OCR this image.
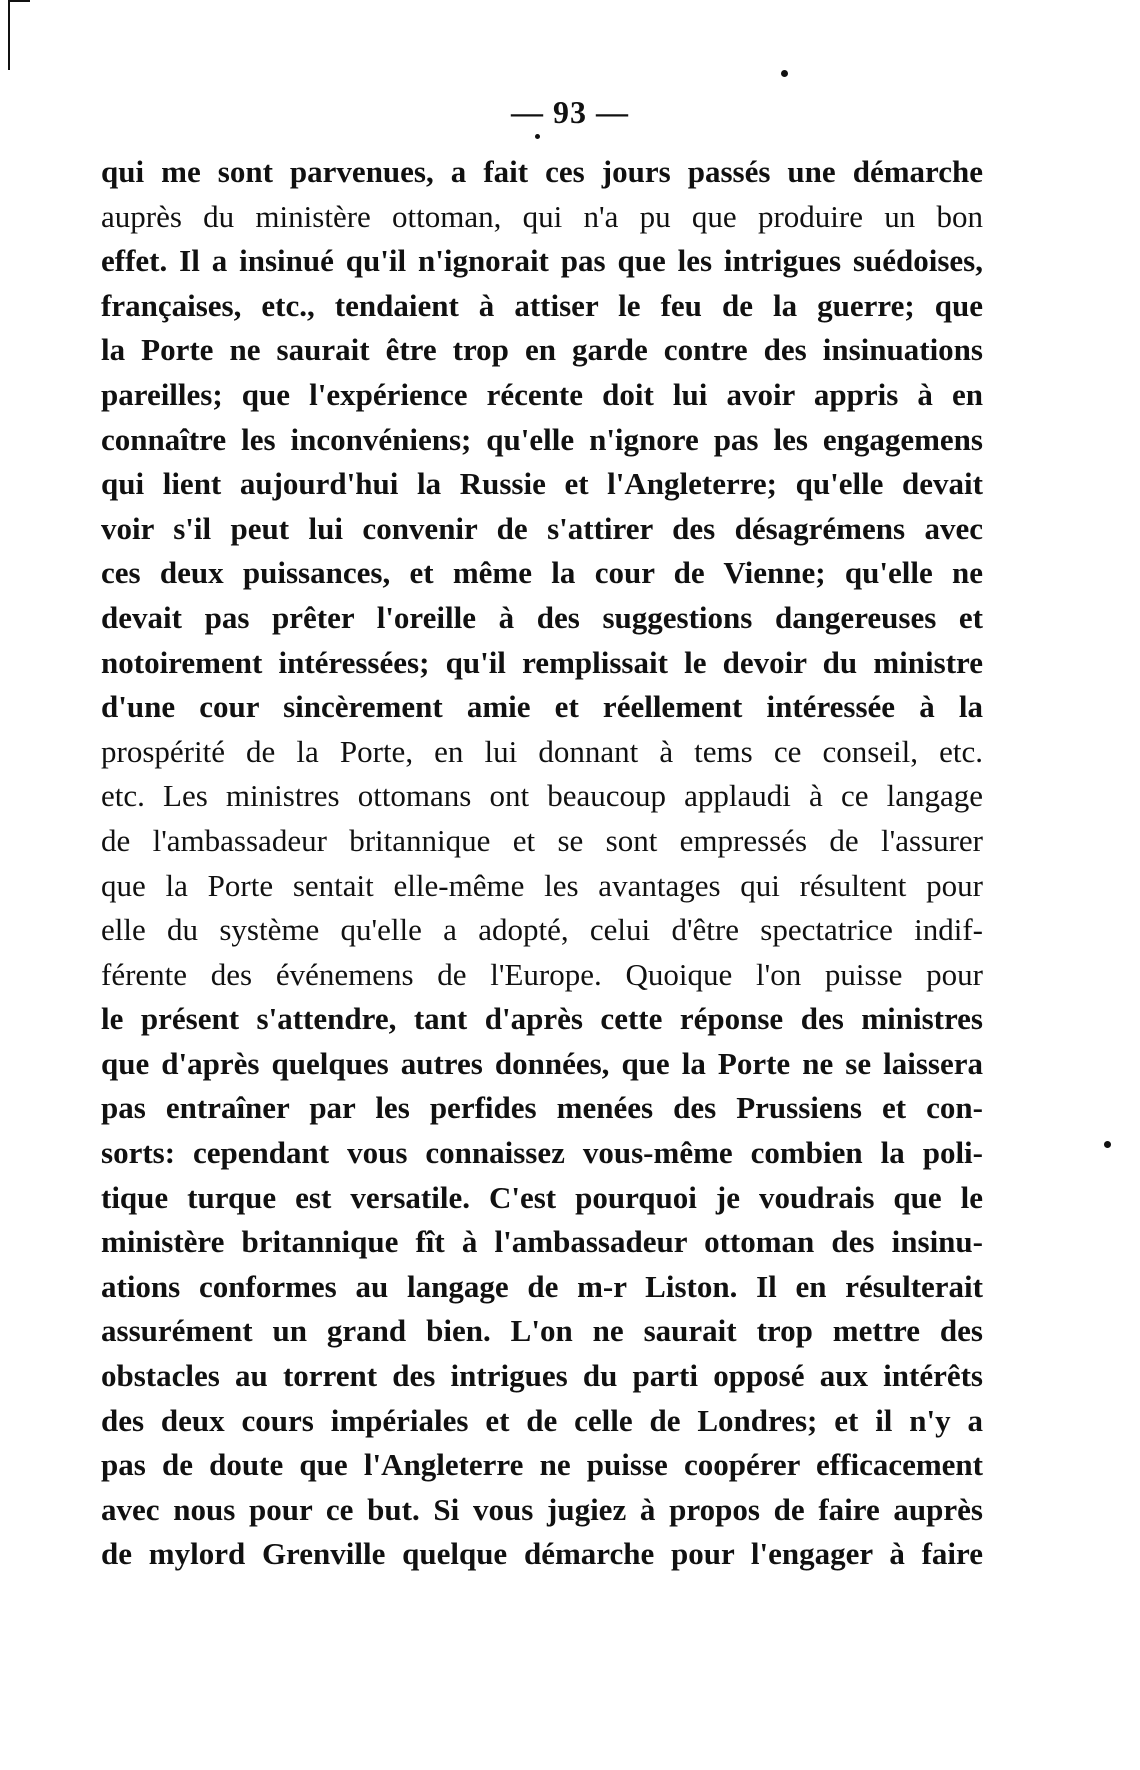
— 93 —
qui me sont parvenues, a fait ces jours passés une démarche
auprès du ministère ottoman, qui n'a pu que produire un bon
effet. Il a insinué qu'il n'ignorait pas que les intrigues suédoises,
françaises, etc., tendaient à attiser le feu de la guerre; que
la Porte ne saurait être trop en garde contre des insinuations
pareilles; que l'expérience récente doit lui avoir appris à en
connaître les inconvéniens; qu'elle n'ignore pas les engagemens
qui lient aujourd'hui la Russie et l'Angleterre; qu'elle devait
voir s'il peut lui convenir de s'attirer des désagrémens avec
ces deux puissances, et même la cour de Vienne; qu'elle ne
devait pas prêter l'oreille à des suggestions dangereuses et
notoirement intéressées; qu'il remplissait le devoir du ministre
d'une cour sincèrement amie et réellement intéressée à la
prospérité de la Porte, en lui donnant à tems ce conseil, etc.
etc. Les ministres ottomans ont beaucoup applaudi à ce langage
de l'ambassadeur britannique et se sont empressés de l'assurer
que la Porte sentait elle-même les avantages qui résultent pour
elle du système qu'elle a adopté, celui d'être spectatrice indif-
férente des événemens de l'Europe. Quoique l'on puisse pour
le présent s'attendre, tant d'après cette réponse des ministres
que d'après quelques autres données, que la Porte ne se laissera
pas entraîner par les perfides menées des Prussiens et con-
sorts: cependant vous connaissez vous-même combien la poli-
tique turque est versatile. C'est pourquoi je voudrais que le
ministère britannique fît à l'ambassadeur ottoman des insinu-
ations conformes au langage de m-r Liston. Il en résulterait
assurément un grand bien. L'on ne saurait trop mettre des
obstacles au torrent des intrigues du parti opposé aux intérêts
des deux cours impériales et de celle de Londres; et il n'y a
pas de doute que l'Angleterre ne puisse coopérer efficacement
avec nous pour ce but. Si vous jugiez à propos de faire auprès
de mylord Grenville quelque démarche pour l'engager à faire
